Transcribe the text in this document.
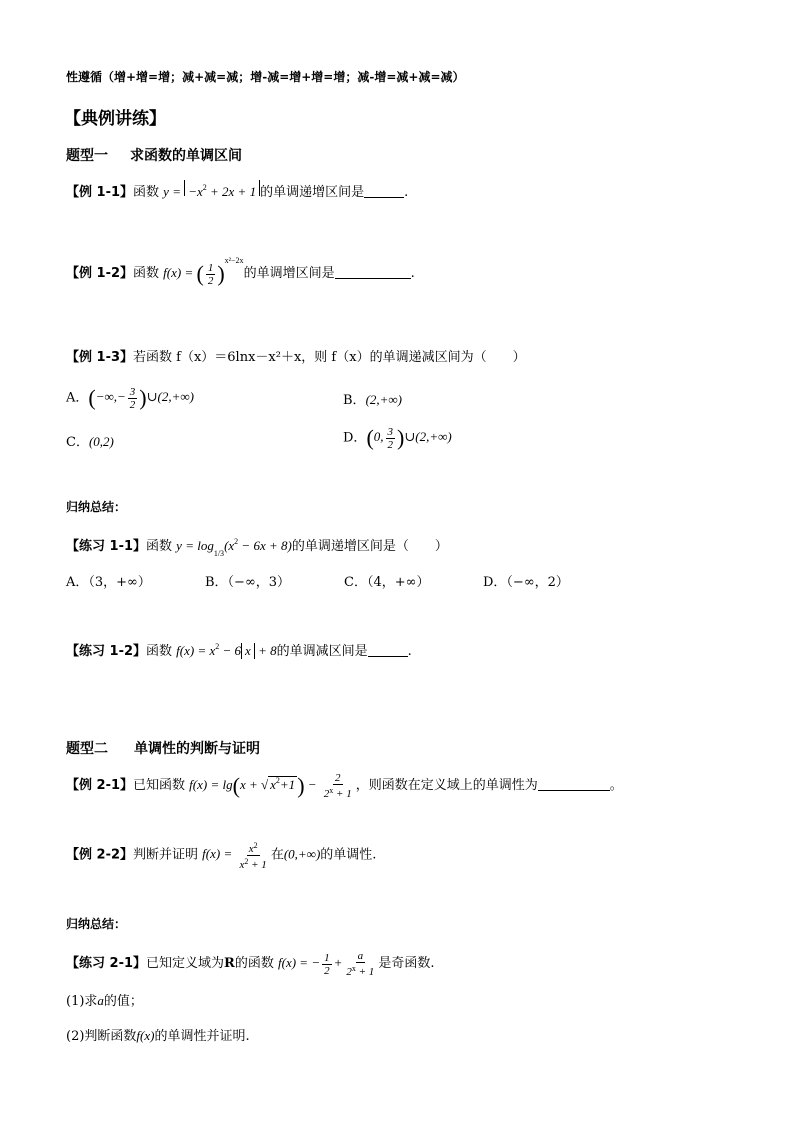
性遵循（增+增=增；减+减=减；增-减=增+增=增；减-增=减+减=减）
【典例讲练】
题型一 求函数的单调区间
【例 1-1】函数 $y = -x^2 + 2x + 1$ 的单调递增区间是	.
【例 1-2】函数 f(x) = ( $\frac{1}{2} )^{x^2-2x}$的单调增区间是	.
【例 1-3】若函数 f（x）＝6lnx－x²＋x，则 f（x）的单调递减区间为（　　）
A．(−∞,− $\frac{3}{2}$ )∪(2,+∞)	B．(2,+∞)
C．(0,2)	D．(0, $\frac{3}{2}$ )∪(2,+∞)
归纳总结：
【练习 1-1】函数 $y = \log_{1/3}(x^2 - 6x + 8)$的单调递增区间是（　　）
A．（3，+∞）	B．（−∞，3）	C．（4，+∞）	D．（−∞，2）
【练习 1-2】函数 $f(x) = x^2 - 6$ x + 8的单调减区间是	.
题型二 单调性的判断与证明
【例 2-1】已知函数 f(x) = lg(x + √ $x^2+1) - \frac{2}{2^x + 1}$ ，则函数在定义域上的单调性为	。
【例 2-2】判断并证明 $f(x) = \frac{x^2}{x^2 + 1}$ 在(0,+∞)的单调性.
归纳总结：
【练习 2-1】已知定义域为R的函数 f(x) = − $\frac{1}{2} + \frac{a}{2^x + 1}$ 是奇函数.
(1)求a的值；
(2)判断函数f(x)的单调性并证明.
